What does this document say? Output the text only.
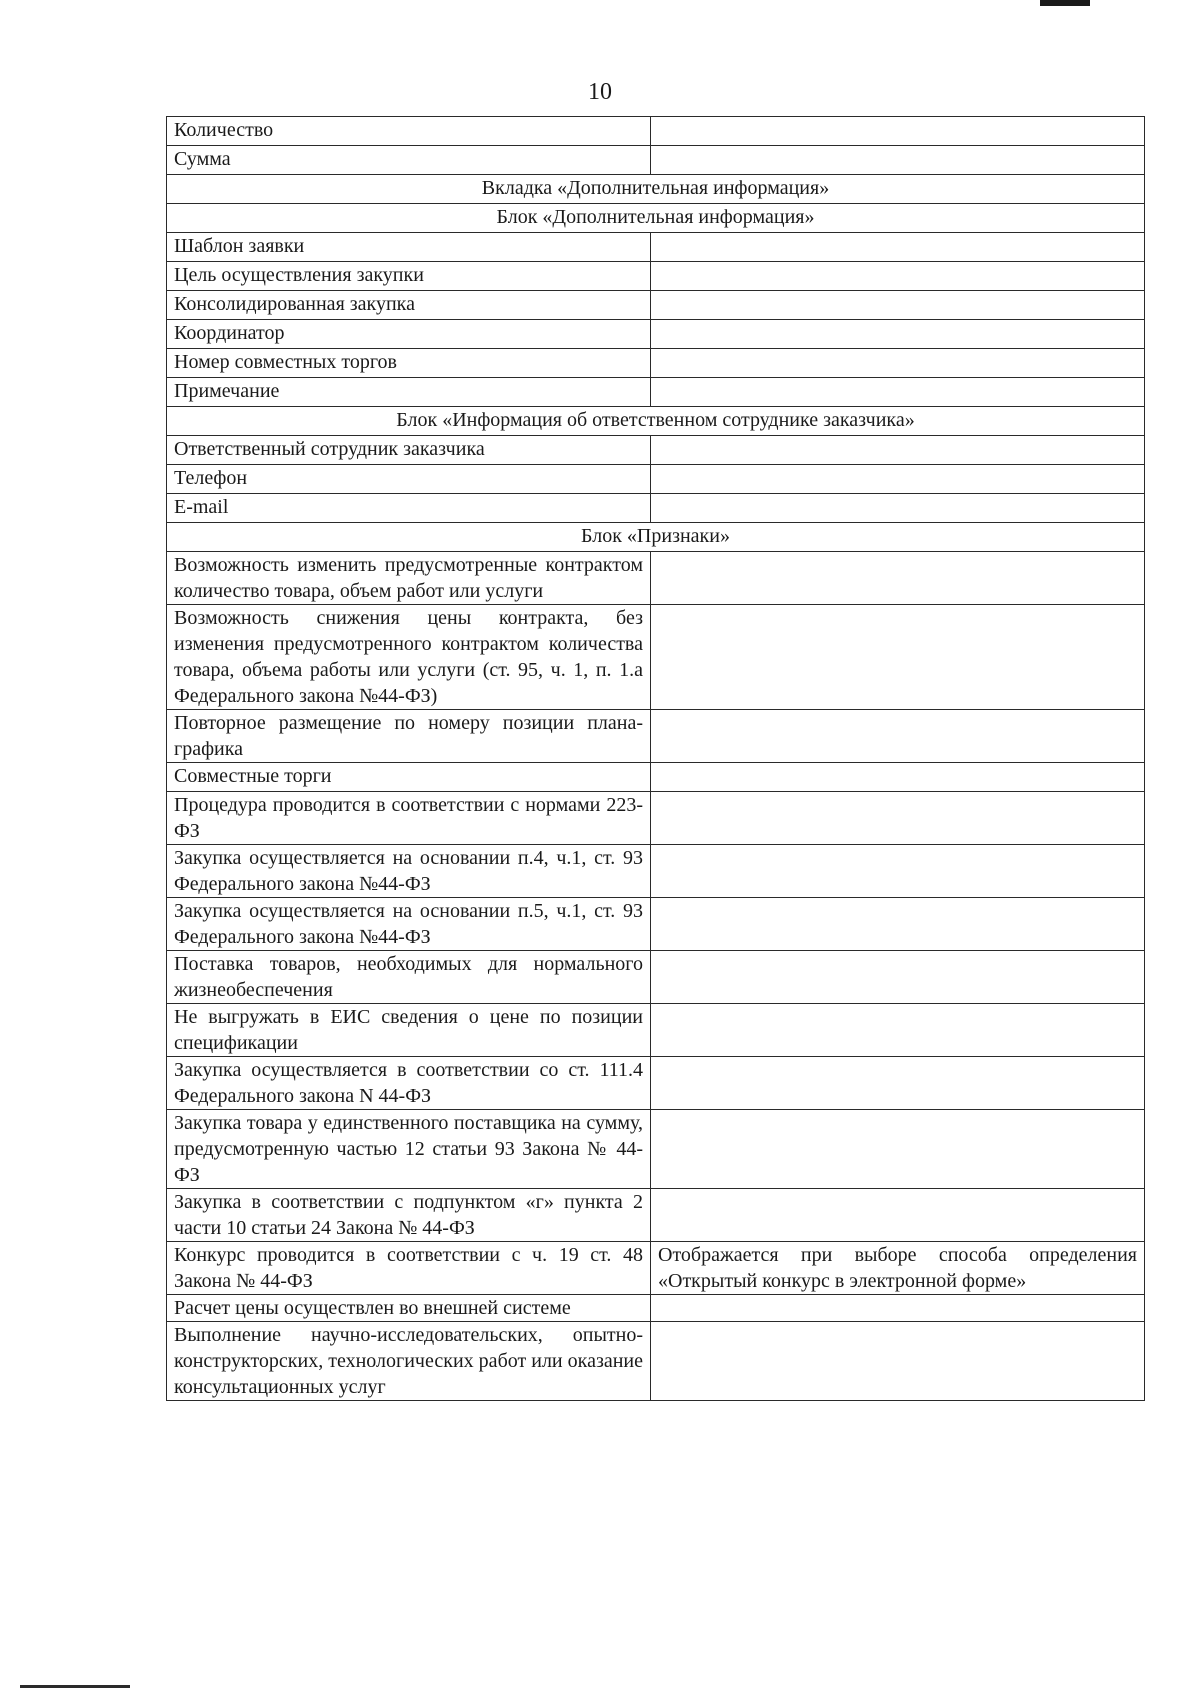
10
Количество	
Сумма	
Вкладка «Дополнительная информация»	
Блок «Дополнительная информация»	
Шаблон заявки	
Цель осуществления закупки	
Консолидированная закупка	
Координатор	
Номер совместных торгов	
Примечание	
Блок «Информация об ответственном сотруднике заказчика»	
Ответственный сотрудник заказчика	
Телефон	
E-mail	
Блок «Признаки»	
Возможность изменить предусмотренные контрактом количество товара, объем работ или услуги	
Возможность снижения цены контракта, без изменения предусмотренного контрактом количества товара, объема работы или услуги (ст. 95, ч. 1, п. 1.а Федерального закона №44-ФЗ)	
Повторное размещение по номеру позиции плана-графика	
Совместные торги	
Процедура проводится в соответствии с нормами 223-ФЗ	
Закупка осуществляется на основании п.4, ч.1, ст. 93 Федерального закона №44-ФЗ	
Закупка осуществляется на основании п.5, ч.1, ст. 93 Федерального закона №44-ФЗ	
Поставка товаров, необходимых для нормального жизнеобеспечения	
Не выгружать в ЕИС сведения о цене по позиции спецификации	
Закупка осуществляется в соответствии со ст. 111.4 Федерального закона N 44-ФЗ	
Закупка товара у единственного поставщика на сумму, предусмотренную частью 12 статьи 93 Закона № 44-ФЗ	
Закупка в соответствии с подпунктом «г» пункта 2 части 10 статьи 24 Закона № 44-ФЗ	
Конкурс проводится в соответствии с ч. 19 ст. 48 Закона № 44-ФЗ	Отображается при выборе способа определения «Открытый конкурс в электронной форме»
Расчет цены осуществлен во внешней системе	
Выполнение научно-исследовательских, опытно-конструкторских, технологических работ или оказание консультационных услуг	
